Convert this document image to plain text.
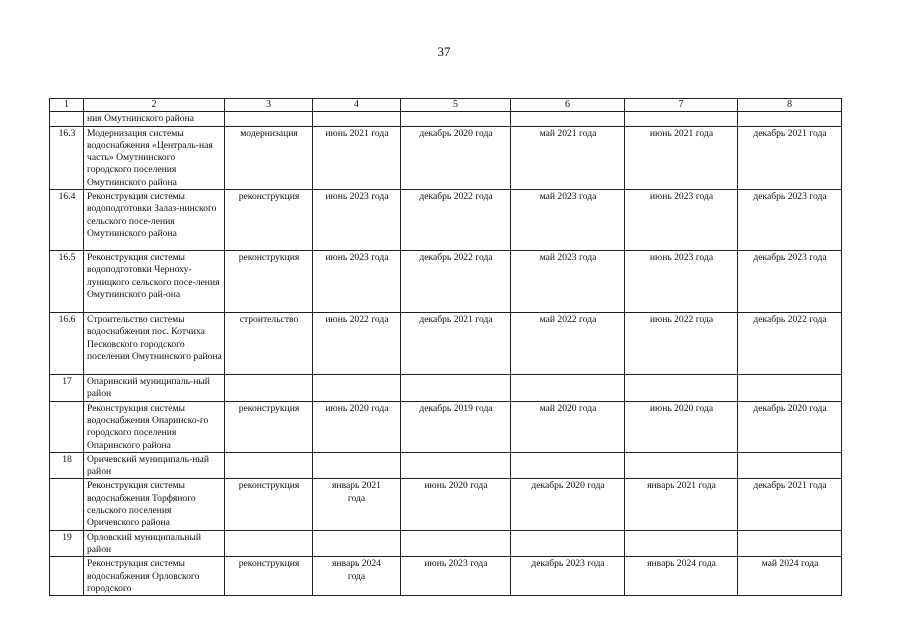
37
1	2	3	4	5	6	7	8
	ния Омутнинского района						
16.3	Модернизация системы водоснабжения «Централь-ная часть» Омутнинского городского поселения Омутнинского района	модернизация	июнь 2021 года	декабрь 2020 года	май 2021 года	июнь 2021 года	декабрь 2021 года
16.4	Реконструкция системы водоподготовки Залаз-нинского сельского посе-ления Омутнинского района	реконструкция	июнь 2023 года	декабрь 2022 года	май 2023 года	июнь 2023 года	декабрь 2023 года
16.5	Реконструкция системы водоподготовки Черноху-луницкого сельского посе-ления Омутнинского рай-она	реконструкция	июнь 2023 года	декабрь 2022 года	май 2023 года	июнь 2023 года	декабрь 2023 года
16.6	Строительство системы водоснабжения пос. Котчиха Песковского городского поселения Омутнинского района	строительство	июнь 2022 года	декабрь 2021 года	май 2022 года	июнь 2022 года	декабрь 2022 года
17	Опаринский муниципаль-ный район						
	Реконструкция системы водоснабжения Опаринско-го городского поселения Опаринского района	реконструкция	июнь 2020 года	декабрь 2019 года	май 2020 года	июнь 2020 года	декабрь 2020 года
18	Оричевский муниципаль-ный район						
	Реконструкция системы водоснабжения Торфяного сельского поселения Оричевского района	реконструкция	январь 2021 года	июнь 2020 года	декабрь 2020 года	январь 2021 года	декабрь 2021 года
19	Орловский муниципальный район						
	Реконструкция системы водоснабжения Орловского городского	реконструкция	январь 2024 года	июнь 2023 года	декабрь 2023 года	январь 2024 года	май 2024 года
